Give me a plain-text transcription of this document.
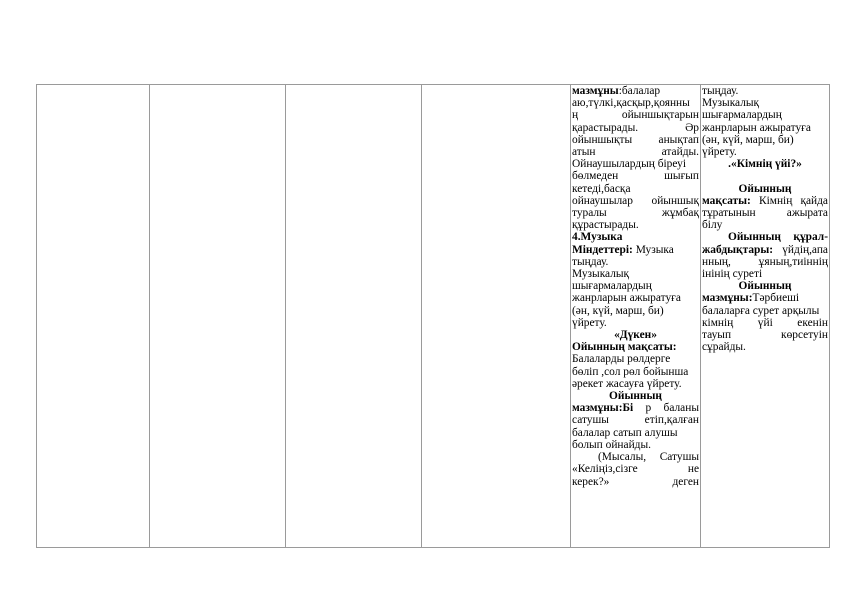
мазмұны:балалар

аю,түлкі,қасқыр,қоянны

ң	ойыншықтарын

қарастырады.	Әр

ойыншықты анықтап

атын	атайды.

Ойнаушылардың біреуі

бөлмеден	шығып

кетеді,басқа

ойнаушылар ойыншық

туралы	жұмбақ

құрастырады.

4.Музыка

Міндеттері: Музыка

тыңдау.

Музыкалық

шығармалардың

жанрларын ажыратуға

(ән, күй, марш, би)

үйрету.

«Дүкен»

Ойынның мақсаты:

Балаларды рөлдерге

бөліп ,сол рөл бойынша

әрекет жасауға үйрету.

Ойынның

мазмұны:Бі р баланы

сатушы	етіп,қалған

балалар сатып алушы

болып ойнайды.

(Мысалы, Сатушы

«Келіңіз,сізге	не

керек?»	деген

тыңдау.

Музыкалық

шығармалардың

жанрларын ажыратуға

(ән, күй, марш, би)

үйрету.

.«Кімнің үйі?»

Ойынның

мақсаты: Кімнің қайда

тұратынын	ажырата

білу

Ойынның құрал-

жабдықтары: үйдің,апа

нның, ұяның,тиіннің

інінің суреті

Ойынның

мазмұны:Тәрбиеші

балаларға сурет арқылы

кімнің үйі екенін

тауып	көрсетуін

сұрайды.
